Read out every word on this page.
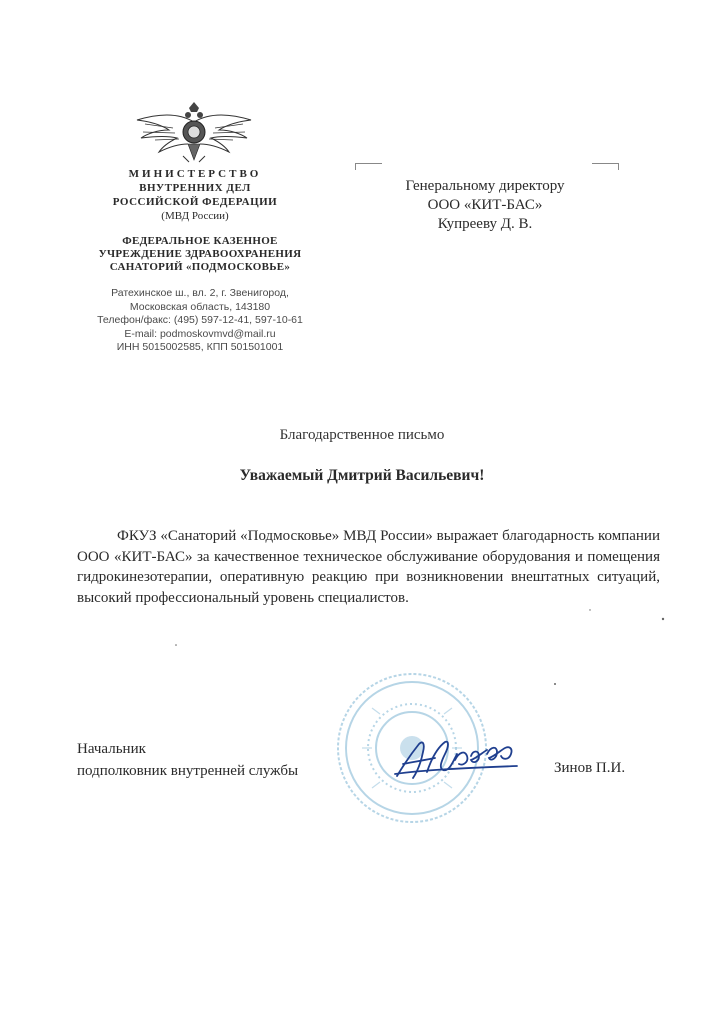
МИНИСТЕРСТВО
ВНУТРЕННИХ ДЕЛ
РОССИЙСКОЙ ФЕДЕРАЦИИ
(МВД России)
ФЕДЕРАЛЬНОЕ КАЗЕННОЕ
УЧРЕЖДЕНИЕ ЗДРАВООХРАНЕНИЯ
САНАТОРИЙ «ПОДМОСКОВЬЕ»
Ратехинское ш., вл. 2, г. Звенигород,
Московская область, 143180
Телефон/факс: (495) 597-12-41, 597-10-61
E-mail: podmoskovmvd@mail.ru
ИНН 5015002585, КПП 501501001
Генеральному директору
ООО «КИТ-БАС»
Купрееву Д. В.
Благодарственное письмо
Уважаемый Дмитрий Васильевич!
ФКУЗ «Санаторий «Подмосковье» МВД России» выражает благодарность компании ООО «КИТ-БАС» за качественное техническое обслуживание оборудования и помещения гидрокинезотерапии, оперативную реакцию при возникновении внештатных ситуаций, высокий профессиональный уровень специалистов.
Начальник
подполковник внутренней службы	Зинов П.И.
